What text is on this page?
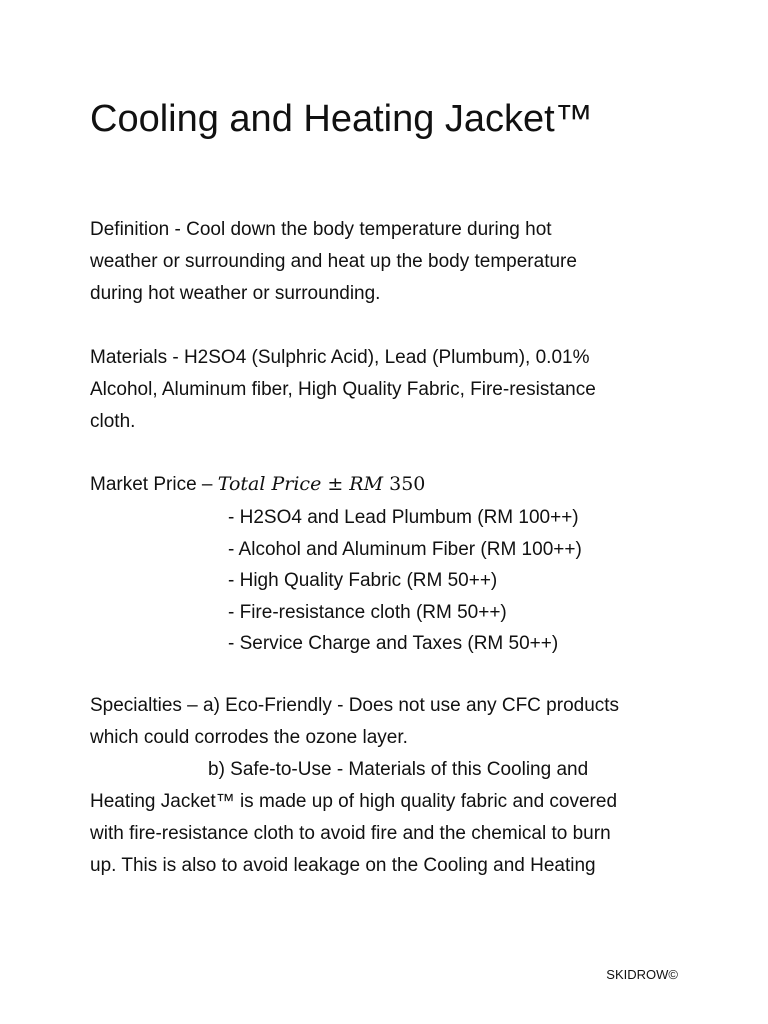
Cooling and Heating Jacket™

Definition - Cool down the body temperature during hot
weather or surrounding and heat up the body temperature
during hot weather or surrounding.

Materials - H2SO4 (Sulphric Acid), Lead (Plumbum), 0.01%
Alcohol, Aluminum fiber, High Quality Fabric, Fire-resistance
cloth.

Market Price – Total Price ± RM 350

- H2SO4 and Lead Plumbum (RM 100++)
- Alcohol and Aluminum Fiber (RM 100++)
- High Quality Fabric (RM 50++)
- Fire-resistance cloth (RM 50++)
- Service Charge and Taxes (RM 50++)

Specialties – a) Eco-Friendly - Does not use any CFC products
which could corrodes the ozone layer.
b) Safe-to-Use - Materials of this Cooling and
Heating Jacket™ is made up of high quality fabric and covered
with fire-resistance cloth to avoid fire and the chemical to burn
up. This is also to avoid leakage on the Cooling and Heating

SKIDROW©
